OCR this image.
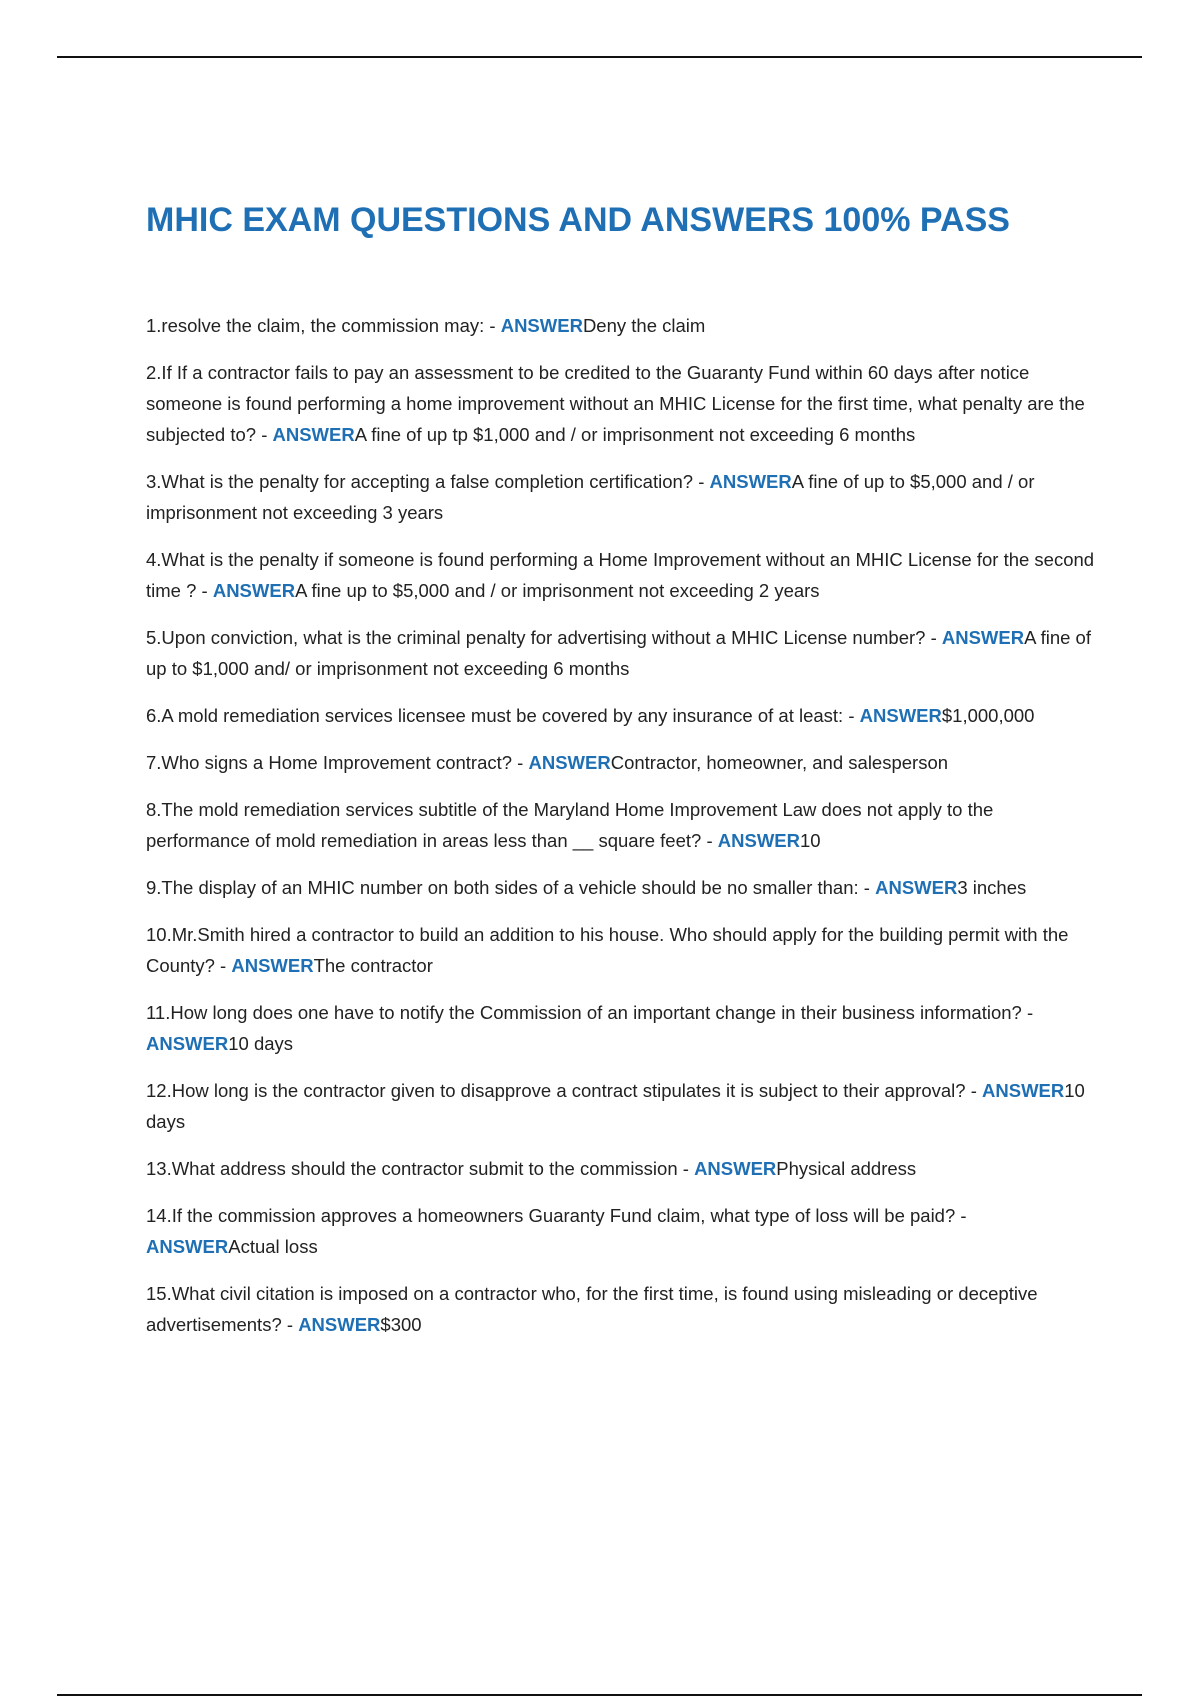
MHIC EXAM QUESTIONS AND ANSWERS 100% PASS
1.resolve the claim, the commission may: - ANSWERDeny the claim
2.If If a contractor fails to pay an assessment to be credited to the Guaranty Fund within 60 days after notice someone is found performing a home improvement without an MHIC License for the first time, what penalty are the subjected to? - ANSWERA fine of up tp $1,000 and / or imprisonment not exceeding 6 months
3.What is the penalty for accepting a false completion certification? - ANSWERA fine of up to $5,000 and / or imprisonment not exceeding 3 years
4.What is the penalty if someone is found performing a Home Improvement without an MHIC License for the second time ? - ANSWERA fine up to $5,000 and / or imprisonment not exceeding 2 years
5.Upon conviction, what is the criminal penalty for advertising without a MHIC License number? - ANSWERA fine of up to $1,000 and/ or imprisonment not exceeding 6 months
6.A mold remediation services licensee must be covered by any insurance of at least: - ANSWER$1,000,000
7.Who signs a Home Improvement contract? - ANSWERContractor, homeowner, and salesperson
8.The mold remediation services subtitle of the Maryland Home Improvement Law does not apply to the performance of mold remediation in areas less than __ square feet? - ANSWER10
9.The display of an MHIC number on both sides of a vehicle should be no smaller than: - ANSWER3 inches
10.Mr.Smith hired a contractor to build an addition to his house. Who should apply for the building permit with the County? - ANSWERThe contractor
11.How long does one have to notify the Commission of an important change in their business information? - ANSWER10 days
12.How long is the contractor given to disapprove a contract stipulates it is subject to their approval? - ANSWER10 days
13.What address should the contractor submit to the commission - ANSWERPhysical address
14.If the commission approves a homeowners Guaranty Fund claim, what type of loss will be paid? - ANSWERActual loss
15.What civil citation is imposed on a contractor who, for the first time, is found using misleading or deceptive advertisements? - ANSWER$300
